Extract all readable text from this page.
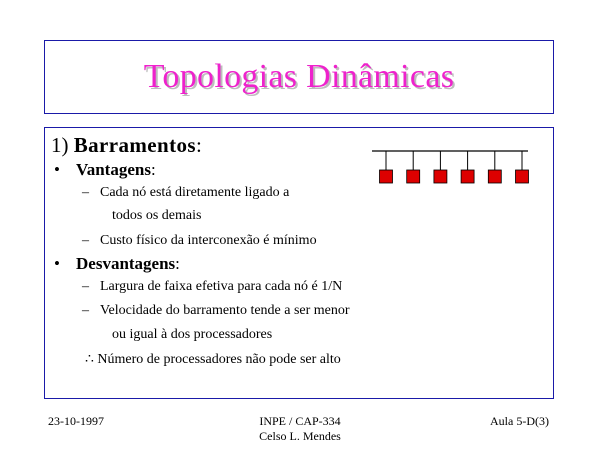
Topologias Dinâmicas
1) Barramentos:
• Vantagens:
– Cada nó está diretamente ligado a
todos os demais
– Custo físico da interconexão é mínimo
• Desvantagens:
– Largura de faixa efetiva para cada nó é 1/N
– Velocidade do barramento tende a ser menor
ou igual à dos processadores
∴ Número de processadores não pode ser alto
23-10-1997	INPE / CAP-334
Celso L. Mendes
Aula 5-D(3)
